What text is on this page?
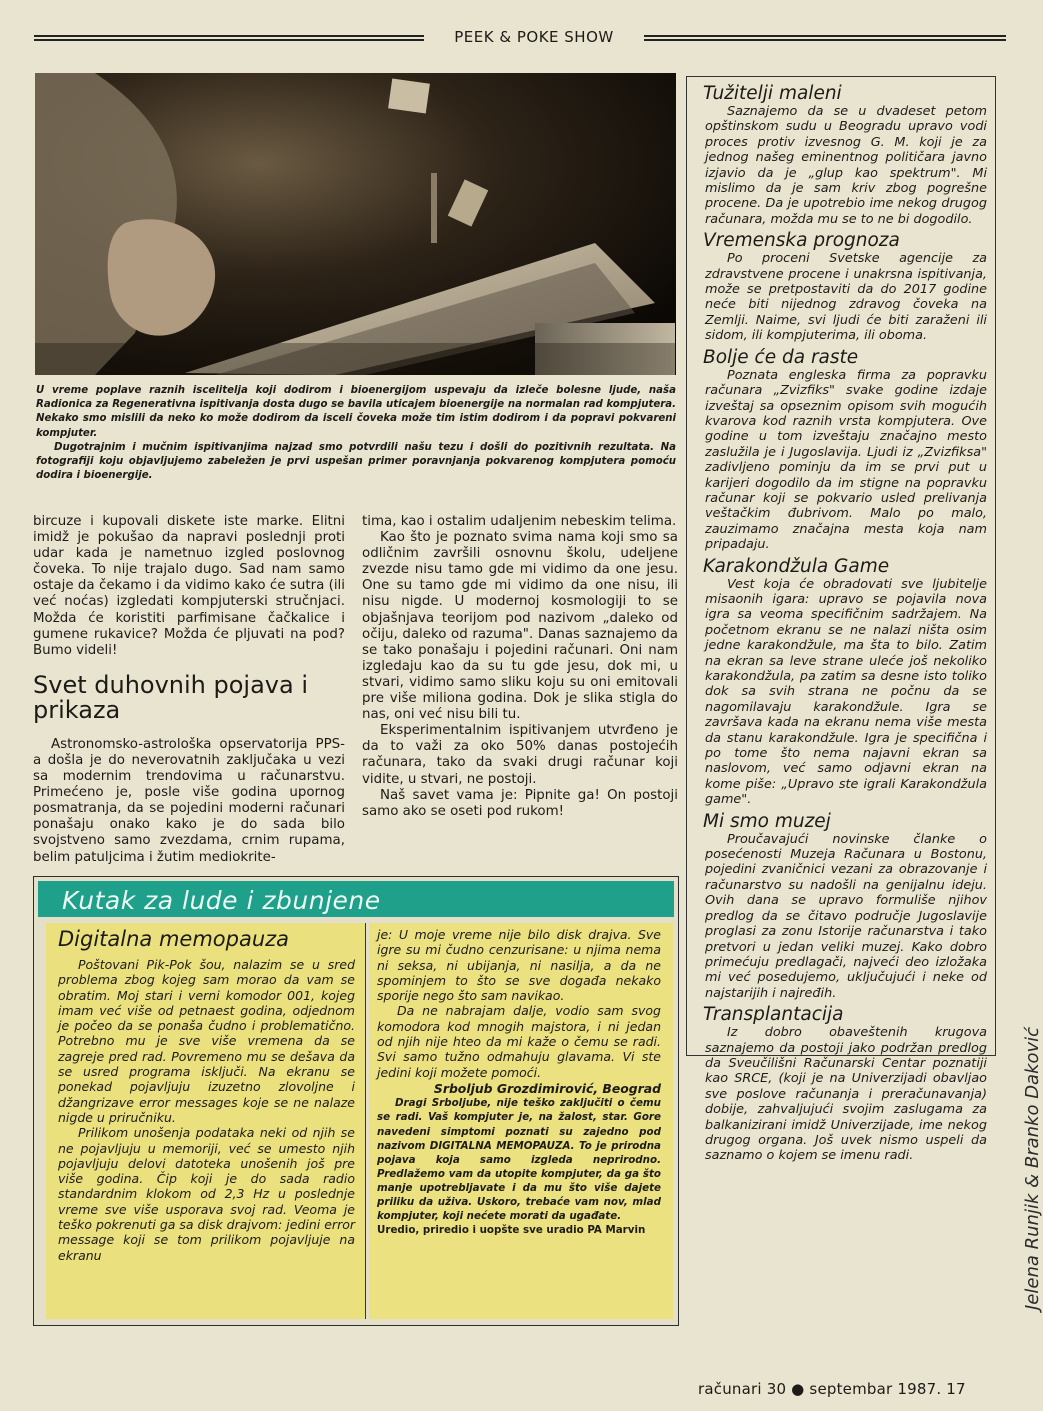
PEEK & POKE SHOW

U vreme poplave raznih iscelitelja koji dodirom i bioenergijom uspevaju da izleče bolesne ljude, naša Radionica za Regenerativna ispitivanja dosta dugo se bavila uticajem bioenergije na normalan rad kompjutera. Nekako smo mislili da neko ko može dodirom da isceli čoveka može tim istim dodirom i da popravi pokvareni kompjuter.

Dugotrajnim i mučnim ispitivanjima najzad smo potvrdili našu tezu i došli do pozitivnih rezultata. Na fotografiji koju objavljujemo zabeležen je prvi uspešan primer poravnjanja pokvarenog kompjutera pomoću dodira i bioenergije.

bircuze i kupovali diskete iste marke. Elitni imidž je pokušao da napravi poslednji proti udar kada je nametnuo izgled poslovnog čoveka. To nije trajalo dugo. Sad nam samo ostaje da čekamo i da vidimo kako će sutra (ili već noćas) izgledati kompjuterski stručnjaci. Možda će koristiti parfimisane čačkalice i gumene rukavice? Možda će pljuvati na pod? Bumo videli!

Svet duhovnih pojava i prikaza

Astronomsko-astrološka opservatorija PPS-a došla je do neverovatnih zaključaka u vezi sa modernim trendovima u računarstvu. Primećeno je, posle više godina upornog posmatranja, da se pojedini moderni računari ponašaju onako kako je do sada bilo svojstveno samo zvezdama, crnim rupama, belim patuljcima i žutim mediokrite-

tima, kao i ostalim udaljenim nebeskim telima.

Kao što je poznato svima nama koji smo sa odličnim završili osnovnu školu, udeljene zvezde nisu tamo gde mi vidimo da one jesu. One su tamo gde mi vidimo da one nisu, ili nisu nigde. U modernoj kosmologiji to se objašnjava teorijom pod nazivom „daleko od očiju, daleko od razuma". Danas saznajemo da se tako ponašaju i pojedini računari. Oni nam izgledaju kao da su tu gde jesu, dok mi, u stvari, vidimo samo sliku koju su oni emitovali pre više miliona godina. Dok je slika stigla do nas, oni već nisu bili tu.

Eksperimentalnim ispitivanjem utvrđeno je da to važi za oko 50% danas postojećih računara, tako da svaki drugi računar koji vidite, u stvari, ne postoji.

Naš savet vama je: Pipnite ga! On postoji samo ako se oseti pod rukom!

Tužitelji maleni

Saznajemo da se u dvadeset petom opštinskom sudu u Beogradu upravo vodi proces protiv izvesnog G. M. koji je za jednog našeg eminentnog političara javno izjavio da je „glup kao spektrum". Mi mislimo da je sam kriv zbog pogrešne procene. Da je upotrebio ime nekog drugog računara, možda mu se to ne bi dogodilo.

Vremenska prognoza

Po proceni Svetske agencije za zdravstvene procene i unakrsna ispitivanja, može se pretpostaviti da do 2017 godine neće biti nijednog zdravog čoveka na Zemlji. Naime, svi ljudi će biti zaraženi ili sidom, ili kompjuterima, ili oboma.

Bolje će da raste

Poznata engleska firma za popravku računara „Zvizfiks" svake godine izdaje izveštaj sa opseznim opisom svih mogućih kvarova kod raznih vrsta kompjutera. Ove godine u tom izveštaju značajno mesto zaslužila je i Jugoslavija. Ljudi iz „Zvizfiksa" zadivljeno pominju da im se prvi put u karijeri dogodilo da im stigne na popravku računar koji se pokvario usled prelivanja veštačkim đubrivom. Malo po malo, zauzimamo značajna mesta koja nam pripadaju.

Karakondžula Game

Vest koja će obradovati sve ljubitelje misaonih igara: upravo se pojavila nova igra sa veoma specifičnim sadržajem. Na početnom ekranu se ne nalazi ništa osim jedne karakondžule, ma šta to bilo. Zatim na ekran sa leve strane uleće još nekoliko karakondžula, pa zatim sa desne isto toliko dok sa svih strana ne počnu da se nagomilavaju karakondžule. Igra se završava kada na ekranu nema više mesta da stanu karakondžule. Igra je specifična i po tome što nema najavni ekran sa naslovom, već samo odjavni ekran na kome piše: „Upravo ste igrali Karakondžula game".

Mi smo muzej

Proučavajući novinske članke o posećenosti Muzeja Računara u Bostonu, pojedini zvaničnici vezani za obrazovanje i računarstvo su nadošli na genijalnu ideju. Ovih dana se upravo formuliše njihov predlog da se čitavo područje Jugoslavije proglasi za zonu Istorije računarstva i tako pretvori u jedan veliki muzej. Kako dobro primećuju predlagači, najveći deo izložaka mi već posedujemo, uključujući i neke od najstarijih i najređih.

Transplantacija

Iz dobro obaveštenih krugova saznajemo da postoji jako podržan predlog da Sveučilišni Računarski Centar poznatiji kao SRCE, (koji je na Univerzijadi obavljao sve poslove računanja i preračunavanja) dobije, zahvaljujući svojim zaslugama za balkanizirani imidž Univerzijade, ime nekog drugog organa. Još uvek nismo uspeli da saznamo o kojem se imenu radi.

Kutak za lude i zbunjene
Digitalna memopauza

Poštovani Pik-Pok šou, nalazim se u sred problema zbog kojeg sam morao da vam se obratim. Moj stari i verni komodor 001, kojeg imam već više od petnaest godina, odjednom je počeo da se ponaša čudno i problematično. Potrebno mu je sve više vremena da se zagreje pred rad. Povremeno mu se dešava da se usred programa isključi. Na ekranu se ponekad pojavljuju izuzetno zlovoljne i džangrizave error messages koje se ne nalaze nigde u priručniku.

Prilikom unošenja podataka neki od njih se ne pojavljuju u memoriji, već se umesto njih pojavljuju delovi datoteka unošenih još pre više godina. Čip koji je do sada radio standardnim klokom od 2,3 Hz u poslednje vreme sve više usporava svoj rad. Veoma je teško pokrenuti ga sa disk drajvom: jedini error message koji se tom prilikom pojavljuje na ekranu

je: U moje vreme nije bilo disk drajva. Sve igre su mi čudno cenzurisane: u njima nema ni seksa, ni ubijanja, ni nasilja, a da ne spominjem to što se sve događa nekako sporije nego što sam navikao.

Da ne nabrajam dalje, vodio sam svog komodora kod mnogih majstora, i ni jedan od njih nije hteo da mi kaže o čemu se radi. Svi samo tužno odmahuju glavama. Vi ste jedini koji možete pomoći.

Srboljub Grozdimirović, Beograd

Dragi Srboljube, nije teško zaključiti o čemu se radi. Vaš kompjuter je, na žalost, star. Gore navedeni simptomi poznati su zajedno pod nazivom DIGITALNA MEMOPAUZA. To je prirodna pojava koja samo izgleda neprirodno. Predlažemo vam da utopite kompjuter, da ga što manje upotrebljavate i da mu što više dajete priliku da uživa. Uskoro, trebaće vam nov, mlad kompjuter, koji nećete morati da ugađate.

Uredio, priredio i uopšte sve uradio PA Marvin

računari 30 ● septembar 1987. 17
Jelena Runjik & Branko Daković
